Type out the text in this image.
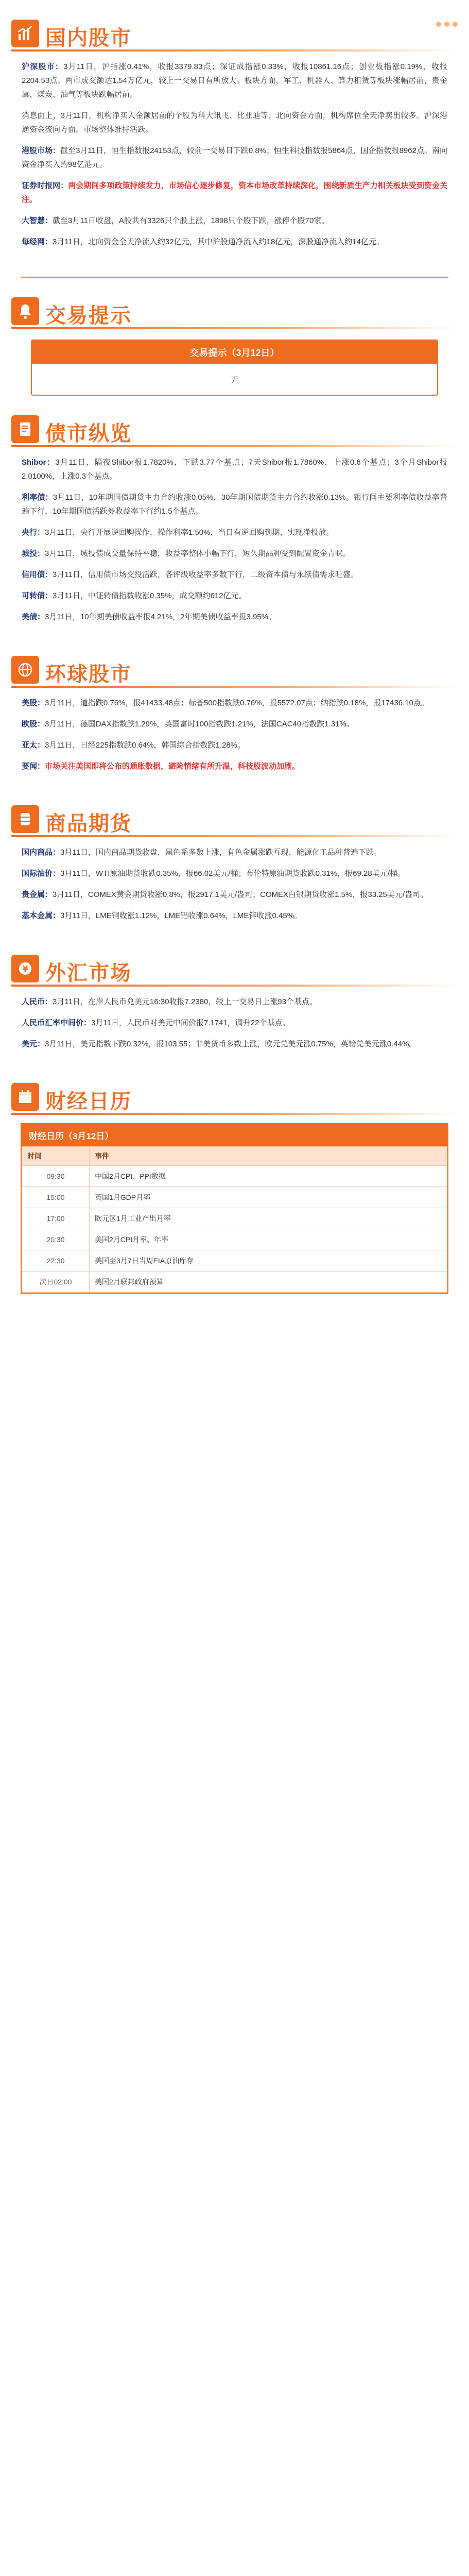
国内股市

沪深股市：3月11日，沪指涨0.41%，收报3379.83点；深证成指涨0.33%，收报10861.16点；创业板指涨0.19%，收报2204.53点。两市成交额达1.54万亿元，较上一交易日有所放大。板块方面，军工、机器人、算力租赁等板块涨幅居前，贵金属、煤炭、油气等板块跌幅居前。

消息面上，3月11日，机构净买入金额居前的个股为科大讯飞、比亚迪等；北向资金方面，机构席位全天净卖出较多。沪深港通资金流向方面，市场整体维持活跃。

港股市场：截至3月11日，恒生指数报24153点，较前一交易日下跌0.8%；恒生科技指数报5864点，国企指数报8962点。南向资金净买入约98亿港元。

证券时报网：两会期间多项政策持续发力，市场信心逐步修复，资本市场改革持续深化，围绕新质生产力相关板块受到资金关注。

大智慧：截至3月11日收盘，A股共有3326只个股上涨，1898只个股下跌，涨停个股70家。

每经网：3月11日，北向资金全天净流入约32亿元，其中沪股通净流入约18亿元，深股通净流入约14亿元。

交易提示
交易提示（3月12日）
无
债市纵览

Shibor：3月11日，隔夜Shibor报1.7820%，下跌3.77个基点；7天Shibor报1.7860%，上涨0.6个基点；3个月Shibor报2.0100%，上涨0.3个基点。

利率债：3月11日，10年期国债期货主力合约收涨0.05%，30年期国债期货主力合约收涨0.13%。银行间主要利率债收益率普遍下行，10年期国债活跃券收益率下行约1.5个基点。

央行：3月11日，央行开展逆回购操作，操作利率1.50%，当日有逆回购到期，实现净投放。

城投：3月11日，城投债成交量保持平稳，收益率整体小幅下行，短久期品种受到配置资金青睐。

信用债：3月11日，信用债市场交投活跃，各评级收益率多数下行，二级资本债与永续债需求旺盛。

可转债：3月11日，中证转债指数收涨0.35%，成交额约612亿元。

美债：3月11日，10年期美债收益率报4.21%，2年期美债收益率报3.95%。

环球股市

美股：3月11日，道指跌0.76%，报41433.48点；标普500指数跌0.76%，报5572.07点；纳指跌0.18%，报17436.10点。

欧股：3月11日，德国DAX指数跌1.29%，英国富时100指数跌1.21%，法国CAC40指数跌1.31%。

亚太：3月11日，日经225指数跌0.64%，韩国综合指数跌1.28%。

要闻：市场关注美国即将公布的通胀数据，避险情绪有所升温，科技股波动加剧。

商品期货

国内商品：3月11日，国内商品期货收盘，黑色系多数上涨，有色金属涨跌互现，能源化工品种普遍下跌。

国际油价：3月11日，WTI原油期货收跌0.35%，报66.02美元/桶；布伦特原油期货收跌0.31%，报69.28美元/桶。

贵金属：3月11日，COMEX黄金期货收涨0.8%，报2917.1美元/盎司；COMEX白银期货收涨1.5%，报33.25美元/盎司。

基本金属：3月11日，LME铜收涨1.12%，LME铝收涨0.64%，LME锌收涨0.45%。

¥ 外汇市场

人民币：3月11日，在岸人民币兑美元16:30收报7.2380，较上一交易日上涨93个基点。

人民币汇率中间价：3月11日，人民币对美元中间价报7.1741，调升22个基点。

美元：3月11日，美元指数下跌0.32%，报103.55；非美货币多数上涨，欧元兑美元涨0.75%，英镑兑美元涨0.44%。

财经日历
财经日历（3月12日）
时间	事件
09:30	中国2月CPI、PPI数据
15:00	英国1月GDP月率
17:00	欧元区1月工业产出月率
20:30	美国2月CPI月率、年率
22:30	美国至3月7日当周EIA原油库存
次日02:00	美国2月联邦政府预算
